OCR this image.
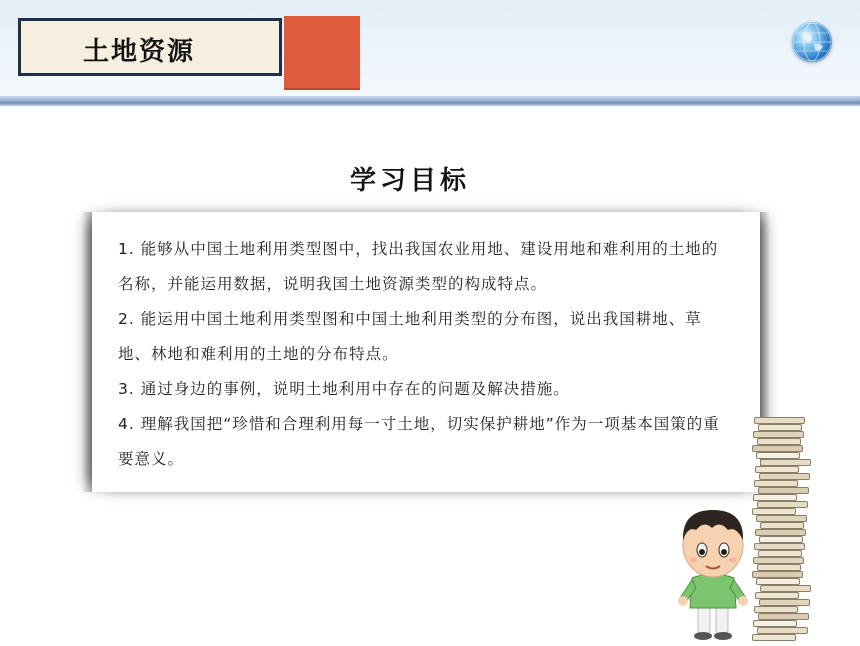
土地资源
学习目标

1. 能够从中国土地利用类型图中，找出我国农业用地、建设用地和难利用的土地的名称，并能运用数据，说明我国土地资源类型的构成特点。

2. 能运用中国土地利用类型图和中国土地利用类型的分布图，说出我国耕地、草地、林地和难利用的土地的分布特点。

3. 通过身边的事例，说明土地利用中存在的问题及解决措施。

4. 理解我国把“珍惜和合理利用每一寸土地，切实保护耕地”作为一项基本国策的重要意义。
